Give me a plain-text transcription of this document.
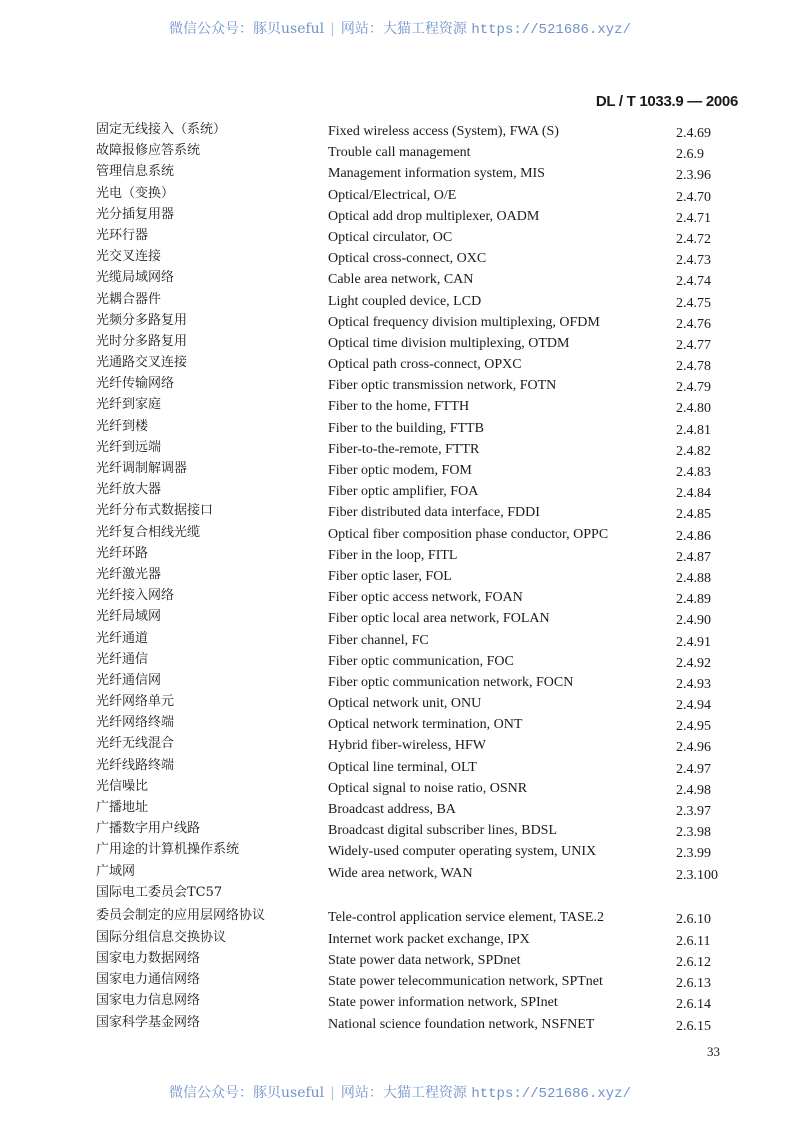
微信公众号：豚贝useful | 网站：大猫工程资源 https://521686.xyz/
DL / T 1033.9 — 2006
固定无线接入（系统）	Fixed wireless access (System), FWA (S)	2.4.69
故障报修应答系统	Trouble call management	2.6.9
管理信息系统	Management information system, MIS	2.3.96
光电（变换）	Optical/Electrical, O/E	2.4.70
光分插复用器	Optical add drop multiplexer, OADM	2.4.71
光环行器	Optical circulator, OC	2.4.72
光交叉连接	Optical cross-connect, OXC	2.4.73
光缆局域网络	Cable area network, CAN	2.4.74
光耦合器件	Light coupled device, LCD	2.4.75
光频分多路复用	Optical frequency division multiplexing, OFDM	2.4.76
光时分多路复用	Optical time division multiplexing, OTDM	2.4.77
光通路交叉连接	Optical path cross-connect, OPXC	2.4.78
光纤传输网络	Fiber optic transmission network, FOTN	2.4.79
光纤到家庭	Fiber to the home, FTTH	2.4.80
光纤到楼	Fiber to the building, FTTB	2.4.81
光纤到远端	Fiber-to-the-remote, FTTR	2.4.82
光纤调制解调器	Fiber optic modem, FOM	2.4.83
光纤放大器	Fiber optic amplifier, FOA	2.4.84
光纤分布式数据接口	Fiber distributed data interface, FDDI	2.4.85
光纤复合相线光缆	Optical fiber composition phase conductor, OPPC	2.4.86
光纤环路	Fiber in the loop, FITL	2.4.87
光纤激光器	Fiber optic laser, FOL	2.4.88
光纤接入网络	Fiber optic access network, FOAN	2.4.89
光纤局域网	Fiber optic local area network, FOLAN	2.4.90
光纤通道	Fiber channel, FC	2.4.91
光纤通信	Fiber optic communication, FOC	2.4.92
光纤通信网	Fiber optic communication network, FOCN	2.4.93
光纤网络单元	Optical network unit, ONU	2.4.94
光纤网络终端	Optical network termination, ONT	2.4.95
光纤无线混合	Hybrid fiber-wireless, HFW	2.4.96
光纤线路终端	Optical line terminal, OLT	2.4.97
光信噪比	Optical signal to noise ratio, OSNR	2.4.98
广播地址	Broadcast address, BA	2.3.97
广播数字用户线路	Broadcast digital subscriber lines, BDSL	2.3.98
广用途的计算机操作系统	Widely-used computer operating system, UNIX	2.3.99
广域网	Wide area network, WAN	2.3.100
国际电工委员会TC57
委员会制定的应用层网络协议	Tele-control application service element, TASE.2	2.6.10
国际分组信息交换协议	Internet work packet exchange, IPX	2.6.11
国家电力数据网络	State power data network, SPDnet	2.6.12
国家电力通信网络	State power telecommunication network, SPTnet	2.6.13
国家电力信息网络	State power information network, SPInet	2.6.14
国家科学基金网络	National science foundation network, NSFNET	2.6.15
33
微信公众号：豚贝useful | 网站：大猫工程资源 https://521686.xyz/
